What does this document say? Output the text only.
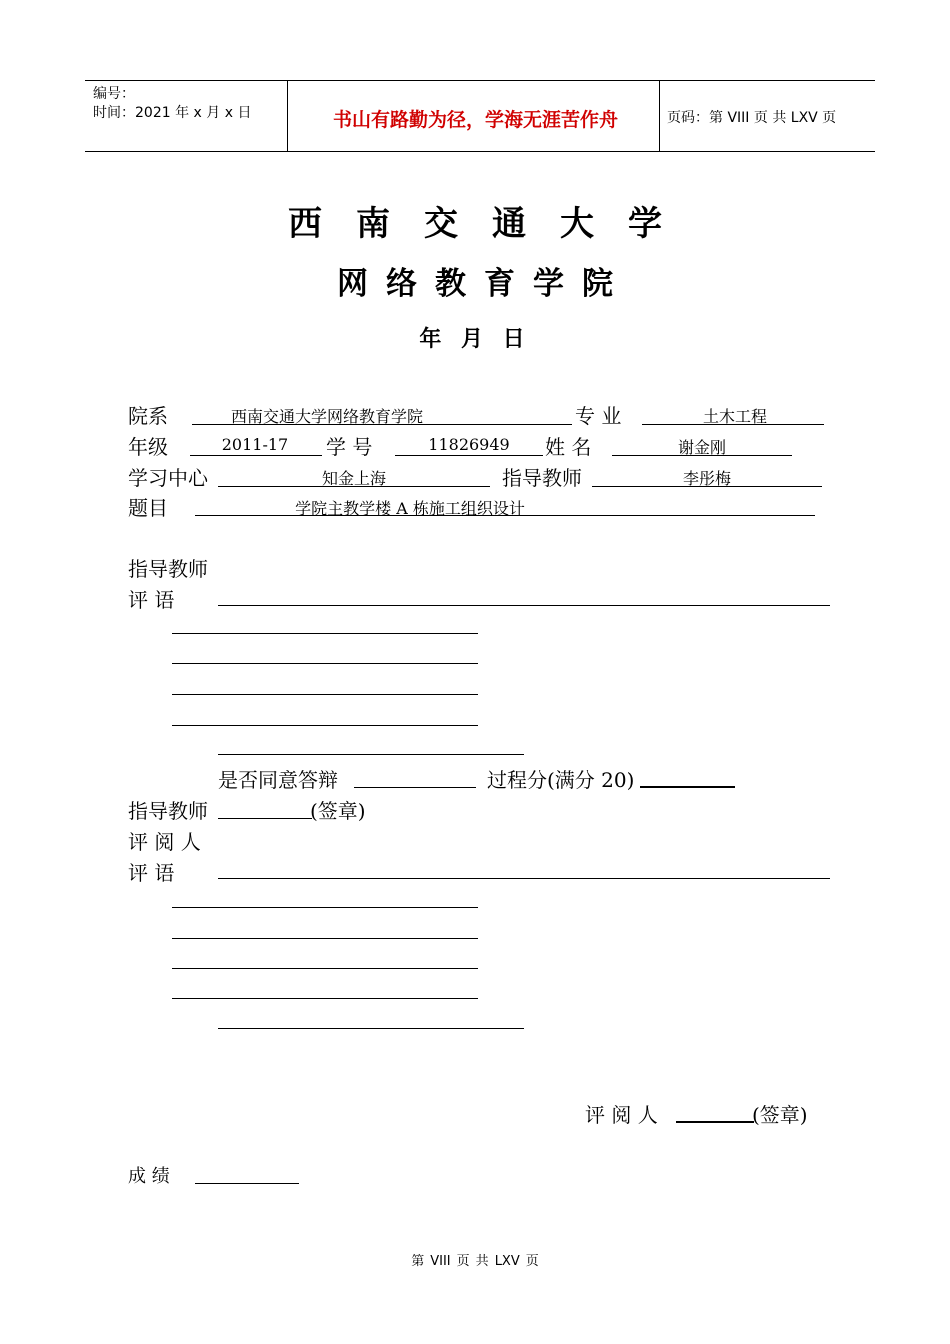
编号：
时间：2021 年 x 月 x 日	书山有路勤为径，学海无涯苦作舟	页码：第 VIII 页 共 LXV 页
西南交通大学
网络教育学院
年 月 日
院系	西南交通大学网络教育学院	专 业	土木工程
年级	2011-17	学 号	11826949	姓 名	谢金刚
学习中心	知金上海	指导教师	李彤梅
题目	学院主教学楼 A 栋施工组织设计
指导教师
评 语
是否同意答辩	过程分(满分 20)
指导教师	(签章)
评 阅 人
评 语
评 阅 人	(签章)
成 绩
第 VIII 页 共 LXV 页
